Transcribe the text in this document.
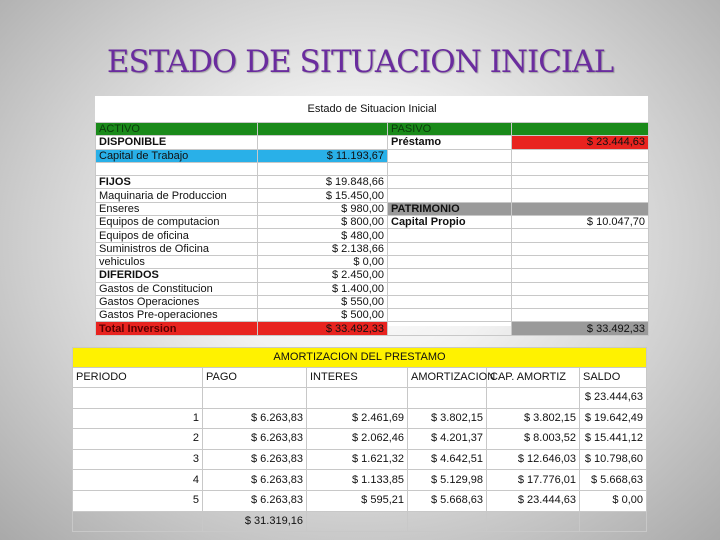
ESTADO DE SITUACION INICIAL
Estado de Situacion Inicial			
ACTIVO		PASIVO	
DISPONIBLE		Préstamo	$ 23.444,63
Capital de Trabajo	$ 11.193,67		

FIJOS	$ 19.848,66		
Maquinaria de Produccion	$ 15.450,00		
Enseres	$ 980,00	PATRIMONIO	
Equipos de computacion	$ 800,00	Capital Propio	$ 10.047,70
Equipos de oficina	$ 480,00		
Suministros de Oficina	$ 2.138,66		
vehiculos	$ 0,00		
DIFERIDOS	$ 2.450,00		
Gastos de Constitucion	$ 1.400,00		
Gastos Operaciones	$ 550,00		
Gastos Pre-operaciones	$ 500,00		
Total Inversion	$ 33.492,33		$ 33.492,33
AMORTIZACION DEL PRESTAMO					
PERIODO	PAGO	INTERES	AMORTIZACION	CAP. AMORTIZ	SALDO
					$ 23.444,63
1	$ 6.263,83	$ 2.461,69	$ 3.802,15	$ 3.802,15	$ 19.642,49
2	$ 6.263,83	$ 2.062,46	$ 4.201,37	$ 8.003,52	$ 15.441,12
3	$ 6.263,83	$ 1.621,32	$ 4.642,51	$ 12.646,03	$ 10.798,60
4	$ 6.263,83	$ 1.133,85	$ 5.129,98	$ 17.776,01	$ 5.668,63
5	$ 6.263,83	$ 595,21	$ 5.668,63	$ 23.444,63	$ 0,00
	$ 31.319,16				
